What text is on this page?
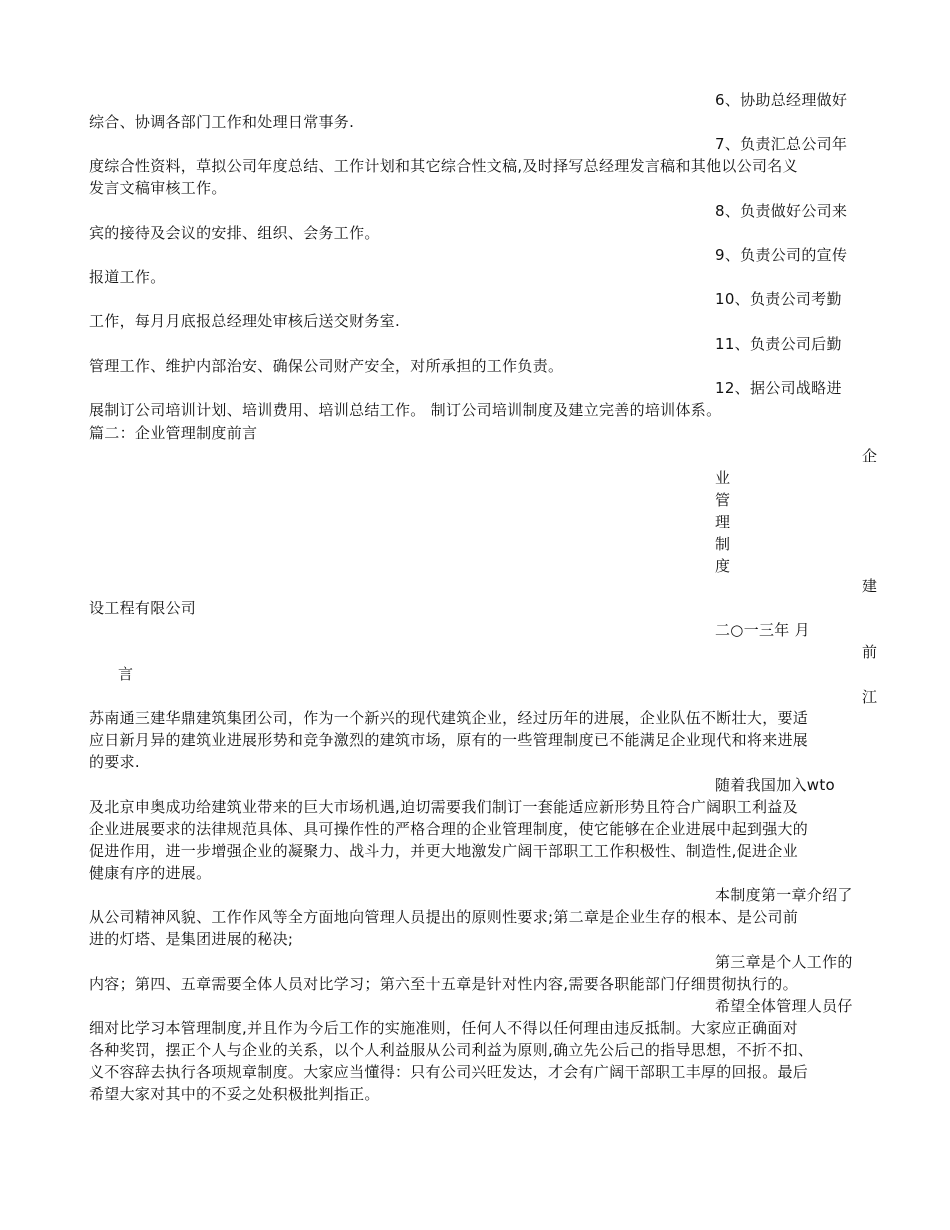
6、协助总经理做好
综合、协调各部门工作和处理日常事务.
7、负责汇总公司年
度综合性资料，草拟公司年度总结、工作计划和其它综合性文稿,及时择写总经理发言稿和其他以公司名义
发言文稿审核工作。
8、负责做好公司来
宾的接待及会议的安排、组织、会务工作。
9、负责公司的宣传
报道工作。
10、负责公司考勤
工作，每月月底报总经理处审核后送交财务室.
11、负责公司后勤
管理工作、维护内部治安、确保公司财产安全，对所承担的工作负责。
12、据公司战略进
展制订公司培训计划、培训费用、培训总结工作。 制订公司培训制度及建立完善的培训体系。
篇二：企业管理制度前言
企
业
管
理
制
度
建
设工程有限公司
二○一三年 月
前
言
江
苏南通三建华鼎建筑集团公司，作为一个新兴的现代建筑企业，经过历年的进展，企业队伍不断壮大，要适
应日新月异的建筑业进展形势和竞争激烈的建筑市场，原有的一些管理制度已不能满足企业现代和将来进展
的要求.
随着我国加入wto
及北京申奥成功给建筑业带来的巨大市场机遇,迫切需要我们制订一套能适应新形势且符合广阔职工利益及
企业进展要求的法律规范具体、具可操作性的严格合理的企业管理制度，使它能够在企业进展中起到强大的
促进作用，进一步增强企业的凝聚力、战斗力，并更大地激发广阔干部职工工作积极性、制造性,促进企业
健康有序的进展。
本制度第一章介绍了
从公司精神风貌、工作作风等全方面地向管理人员提出的原则性要求;第二章是企业生存的根本、是公司前
进的灯塔、是集团进展的秘决;
第三章是个人工作的
内容；第四、五章需要全体人员对比学习；第六至十五章是针对性内容,需要各职能部门仔细贯彻执行的。
希望全体管理人员仔
细对比学习本管理制度,并且作为今后工作的实施准则，任何人不得以任何理由违反抵制。大家应正确面对
各种奖罚，摆正个人与企业的关系，以个人利益服从公司利益为原则,确立先公后己的指导思想，不折不扣、
义不容辞去执行各项规章制度。大家应当懂得：只有公司兴旺发达，才会有广阔干部职工丰厚的回报。最后
希望大家对其中的不妥之处积极批判指正。
